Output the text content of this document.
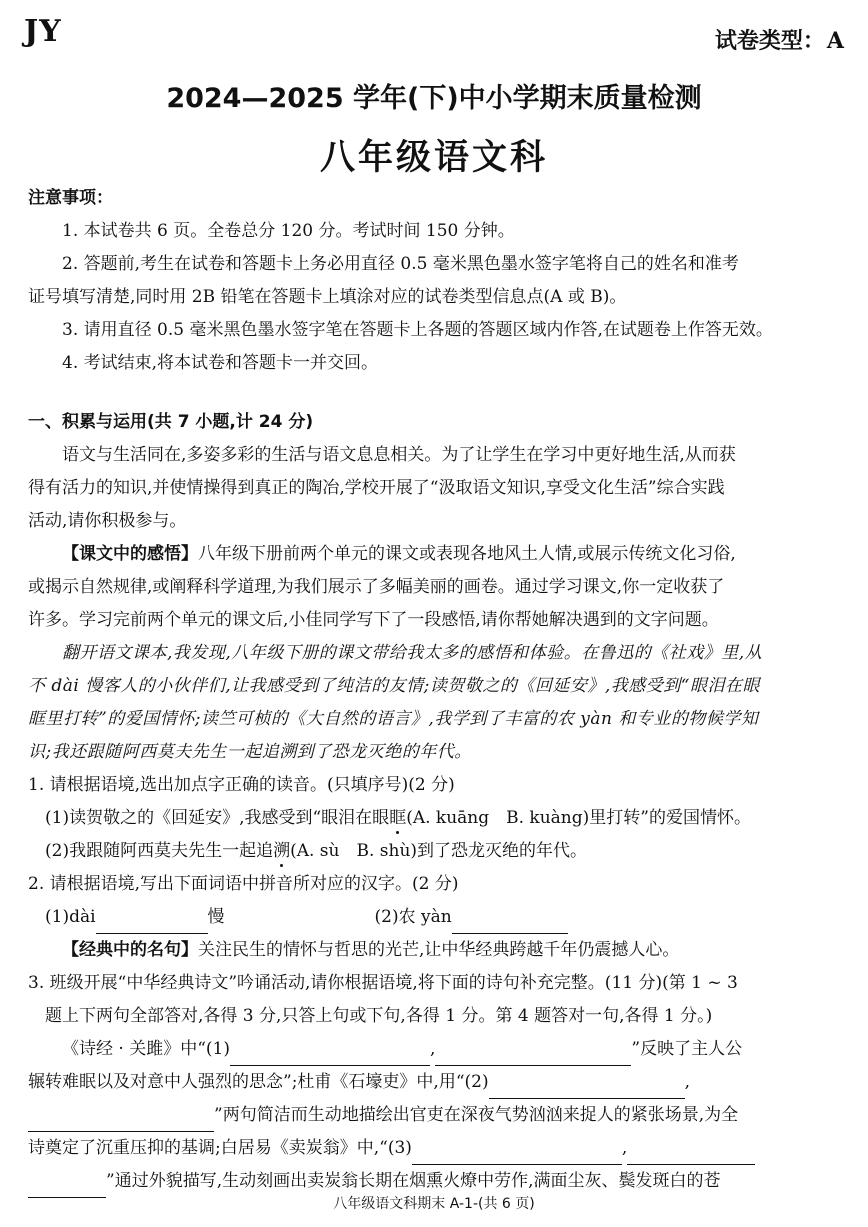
JY	试卷类型：A
2024—2025 学年(下)中小学期末质量检测
八年级语文科
注意事项：
1. 本试卷共 6 页。全卷总分 120 分。考试时间 150 分钟。
2. 答题前,考生在试卷和答题卡上务必用直径 0.5 毫米黑色墨水签字笔将自己的姓名和准考
证号填写清楚,同时用 2B 铅笔在答题卡上填涂对应的试卷类型信息点(A 或 B)。
3. 请用直径 0.5 毫米黑色墨水签字笔在答题卡上各题的答题区域内作答,在试题卷上作答无效。
4. 考试结束,将本试卷和答题卡一并交回。
一、积累与运用(共 7 小题,计 24 分)
语文与生活同在,多姿多彩的生活与语文息息相关。为了让学生在学习中更好地生活,从而获
得有活力的知识,并使情操得到真正的陶冶,学校开展了“汲取语文知识,享受文化生活”综合实践
活动,请你积极参与。
【课文中的感悟】八年级下册前两个单元的课文或表现各地风土人情,或展示传统文化习俗,
或揭示自然规律,或阐释科学道理,为我们展示了多幅美丽的画卷。通过学习课文,你一定收获了
许多。学习完前两个单元的课文后,小佳同学写下了一段感悟,请你帮她解决遇到的文字问题。
翻开语文课本,我发现,八年级下册的课文带给我太多的感悟和体验。在鲁迅的《社戏》里,从
不 dài 慢客人的小伙伴们,让我感受到了纯洁的友情;读贺敬之的《回延安》,我感受到“眼泪在眼
眶里打转”的爱国情怀;读竺可桢的《大自然的语言》,我学到了丰富的农 yàn 和专业的物候学知
识;我还跟随阿西莫夫先生一起追溯到了恐龙灭绝的年代。
1. 请根据语境,选出加点字正确的读音。(只填序号)(2 分)
(1)读贺敬之的《回延安》,我感受到“眼泪在眼眶(A. kuāng　B. kuàng)里打转”的爱国情怀。
(2)我跟随阿西莫夫先生一起追溯(A. sù　B. shù)到了恐龙灭绝的年代。
2. 请根据语境,写出下面词语中拼音所对应的汉字。(2 分)
(1)dài	慢	(2)农 yàn
【经典中的名句】关注民生的情怀与哲思的光芒,让中华经典跨越千年仍震撼人心。
3. 班级开展“中华经典诗文”吟诵活动,请你根据语境,将下面的诗句补充完整。(11 分)(第 1 ~ 3
题上下两句全部答对,各得 3 分,只答上句或下句,各得 1 分。第 4 题答对一句,各得 1 分。)
《诗经 · 关雎》中“(1)	,	”反映了主人公
辗转难眠以及对意中人强烈的思念”;杜甫《石壕吏》中,用“(2)	,
”两句简洁而生动地描绘出官吏在深夜气势汹汹来捉人的紧张场景,为全
诗奠定了沉重压抑的基调;白居易《卖炭翁》中,“(3)	,
”通过外貌描写,生动刻画出卖炭翁长期在烟熏火燎中劳作,满面尘灰、鬓发斑白的苍
八年级语文科期末 A-1-(共 6 页)
